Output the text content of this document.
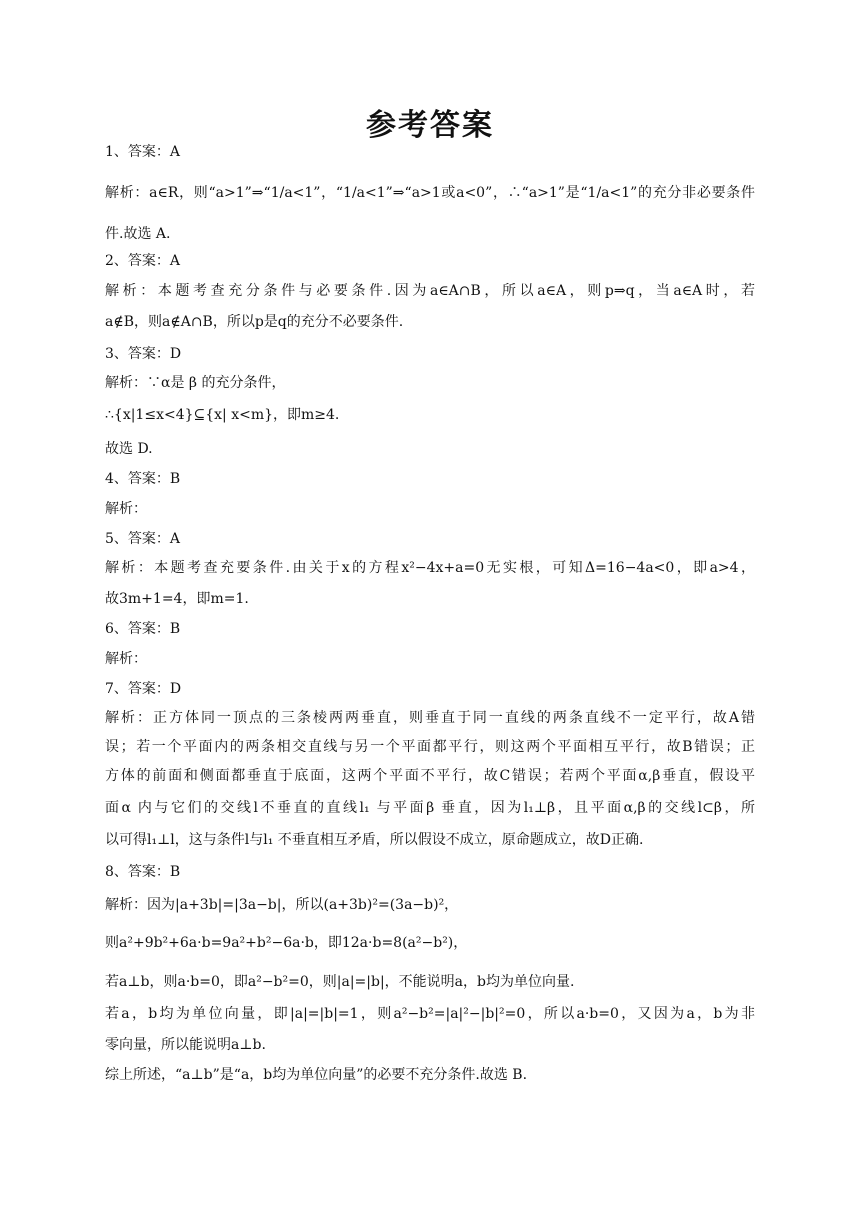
参考答案
1、答案：A
解析：a∈R，则“a>1”⇒“1/a<1”，“1/a<1”⇒“a>1或a<0”，∴“a>1”是“1/a<1”的充分非必要条件
件.故选 A.
2、答案：A
解析：本题考查充分条件与必要条件.因为a∈A∩B，所以a∈A，则p⇒q，当a∈A时，若
a∉B，则a∉A∩B，所以p是q的充分不必要条件.
3、答案：D
解析：∵α是 β 的充分条件，
∴{x|1≤x<4}⊆{x| x<m}，即m≥4.
故选 D.
4、答案：B
解析：
5、答案：A
解析：本题考查充要条件.由关于x的方程x²−4x+a=0无实根，可知Δ=16−4a<0，即a>4，
故3m+1=4，即m=1.
6、答案：B
解析：
7、答案：D
解析：正方体同一顶点的三条棱两两垂直，则垂直于同一直线的两条直线不一定平行，故A错
误；若一个平面内的两条相交直线与另一个平面都平行，则这两个平面相互平行，故B错误；正
方体的前面和侧面都垂直于底面，这两个平面不平行，故C错误；若两个平面α,β垂直，假设平
面α 内与它们的交线l不垂直的直线l₁ 与平面β 垂直，因为l₁⊥β，且平面α,β的交线l⊂β，所
以可得l₁⊥l，这与条件l与l₁ 不垂直相互矛盾，所以假设不成立，原命题成立，故D正确.
8、答案：B
解析：因为|a+3b|=|3a−b|，所以(a+3b)²=(3a−b)²，
则a²+9b²+6a·b=9a²+b²−6a·b，即12a·b=8(a²−b²)，
若a⊥b，则a·b=0，即a²−b²=0，则|a|=|b|，不能说明a，b均为单位向量.
若a，b均为单位向量，即|a|=|b|=1，则a²−b²=|a|²−|b|²=0，所以a·b=0，又因为a，b为非
零向量，所以能说明a⊥b.
综上所述，“a⊥b”是“a，b均为单位向量”的必要不充分条件.故选 B.
